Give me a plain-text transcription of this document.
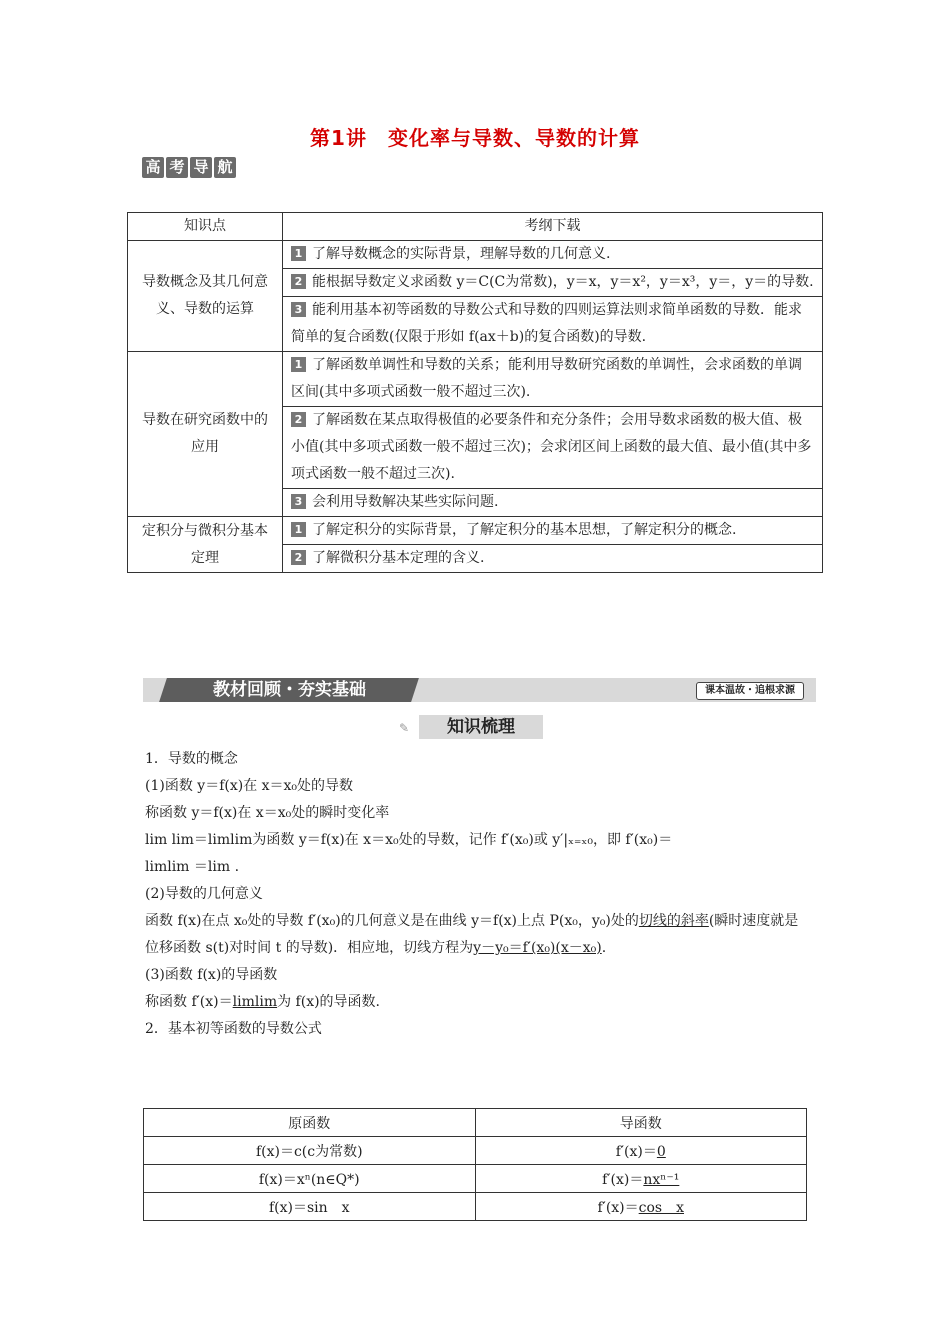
第1讲　变化率与导数、导数的计算
高 考 导 航
知识点	考纲下载
导数概念及其几何意义、导数的运算	1 了解导数概念的实际背景，理解导数的几何意义.
	2 能根据导数定义求函数 y＝C(C为常数)，y＝x，y＝x²，y＝x³，y＝，y＝的导数.
	3 能利用基本初等函数的导数公式和导数的四则运算法则求简单函数的导数．能求简单的复合函数(仅限于形如 f(ax＋b)的复合函数)的导数.
导数在研究函数中的应用	1 了解函数单调性和导数的关系；能利用导数研究函数的单调性，会求函数的单调区间(其中多项式函数一般不超过三次).
	2 了解函数在某点取得极值的必要条件和充分条件；会用导数求函数的极大值、极小值(其中多项式函数一般不超过三次)；会求闭区间上函数的最大值、最小值(其中多项式函数一般不超过三次).
	3 会利用导数解决某些实际问题.
定积分与微积分基本定理	1 了解定积分的实际背景，了解定积分的基本思想，了解定积分的概念.
	2 了解微积分基本定理的含义.
教材回顾・夯实基础	课本温故・追根求源
✎	知识梳理

1．导数的概念

(1)函数 y＝f(x)在 x＝x₀处的导数

称函数 y＝f(x)在 x＝x₀处的瞬时变化率

lim lim＝limlim为函数 y＝f(x)在 x＝x₀处的导数，记作 f′(x₀)或 y′|ₓ₌ₓ₀，即 f′(x₀)＝

limlim ＝lim .

(2)导数的几何意义

函数 f(x)在点 x₀处的导数 f′(x₀)的几何意义是在曲线 y＝f(x)上点 P(x₀，y₀)处的切线的斜率(瞬时速度就是位移函数 s(t)对时间 t 的导数)．相应地，切线方程为y－y₀＝f′(x₀)(x－x₀).

(3)函数 f(x)的导函数

称函数 f′(x)＝limlim为 f(x)的导函数.

2．基本初等函数的导数公式

原函数	导函数
f(x)＝c(c为常数)	f′(x)＝0
f(x)＝xⁿ(n∈Q*)	f′(x)＝nxⁿ⁻¹
f(x)＝sin　x	f′(x)＝cos　x
